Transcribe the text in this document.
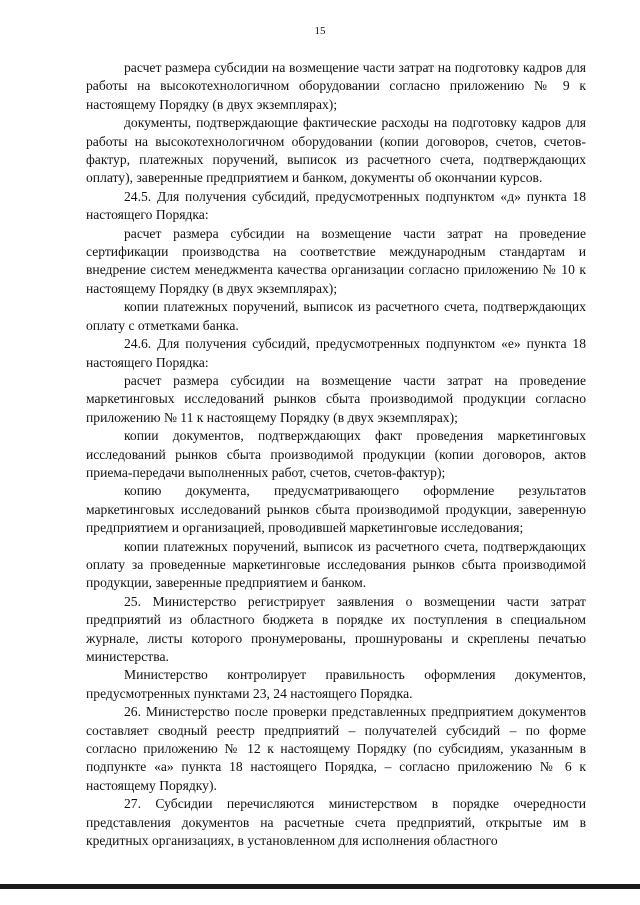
15

расчет размера субсидии на возмещение части затрат на подготовку кадров для работы на высокотехнологичном оборудовании согласно приложению № 9 к настоящему Порядку (в двух экземплярах);

документы, подтверждающие фактические расходы на подготовку кадров для работы на высокотехнологичном оборудовании (копии договоров, счетов, счетов-фактур, платежных поручений, выписок из расчетного счета, подтверждающих оплату), заверенные предприятием и банком, документы об окончании курсов.

24.5. Для получения субсидий, предусмотренных подпунктом «д» пункта 18 настоящего Порядка:

расчет размера субсидии на возмещение части затрат на проведение сертификации производства на соответствие международным стандартам и внедрение систем менеджмента качества организации согласно приложению № 10 к настоящему Порядку (в двух экземплярах);

копии платежных поручений, выписок из расчетного счета, подтверждающих оплату с отметками банка.

24.6. Для получения субсидий, предусмотренных подпунктом «е» пункта 18 настоящего Порядка:

расчет размера субсидии на возмещение части затрат на проведение маркетинговых исследований рынков сбыта производимой продукции согласно приложению № 11 к настоящему Порядку (в двух экземплярах);

копии документов, подтверждающих факт проведения маркетинговых исследований рынков сбыта производимой продукции (копии договоров, актов приема-передачи выполненных работ, счетов, счетов-фактур);

копию документа, предусматривающего оформление результатов маркетинговых исследований рынков сбыта производимой продукции, заверенную предприятием и организацией, проводившей маркетинговые исследования;

копии платежных поручений, выписок из расчетного счета, подтверждающих оплату за проведенные маркетинговые исследования рынков сбыта производимой продукции, заверенные предприятием и банком.

25. Министерство регистрирует заявления о возмещении части затрат предприятий из областного бюджета в порядке их поступления в специальном журнале, листы которого пронумерованы, прошнурованы и скреплены печатью министерства.

Министерство контролирует правильность оформления документов, предусмотренных пунктами 23, 24 настоящего Порядка.

26. Министерство после проверки представленных предприятием документов составляет сводный реестр предприятий – получателей субсидий – по форме согласно приложению № 12 к настоящему Порядку (по субсидиям, указанным в подпункте «а» пункта 18 настоящего Порядка, – согласно приложению № 6 к настоящему Порядку).

27. Субсидии перечисляются министерством в порядке очередности представления документов на расчетные счета предприятий, открытые им в кредитных организациях, в установленном для исполнения областного
